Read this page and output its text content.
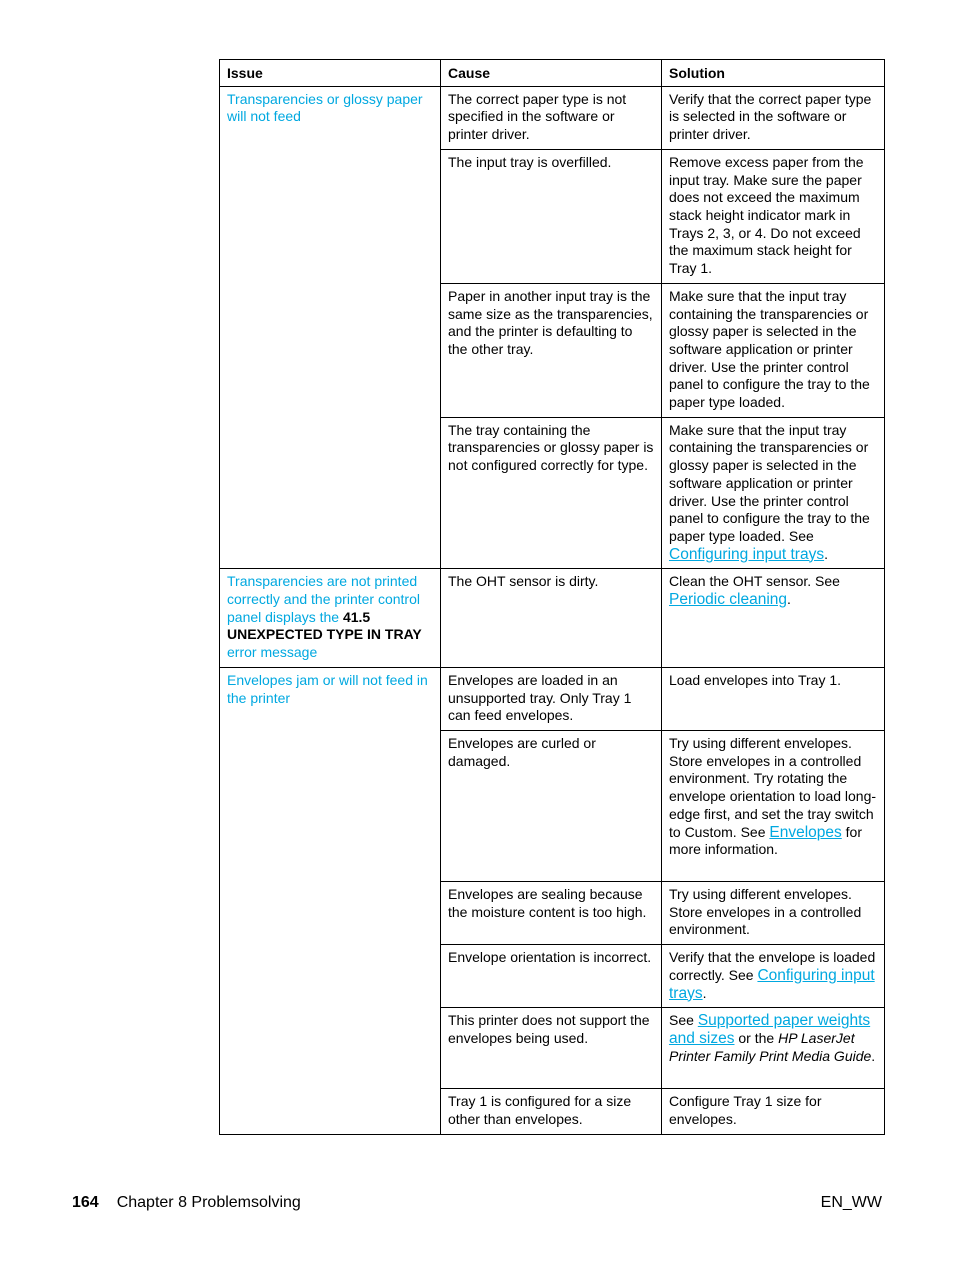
Issue	Cause	Solution
Transparencies or glossy paper will not feed	The correct paper type is not specified in the software or printer driver.	Verify that the correct paper type is selected in the software or printer driver.
	The input tray is overfilled.	Remove excess paper from the input tray. Make sure the paper does not exceed the maximum stack height indicator mark in Trays 2, 3, or 4. Do not exceed the maximum stack height for Tray 1.
	Paper in another input tray is the same size as the transparencies, and the printer is defaulting to the other tray.	Make sure that the input tray containing the transparencies or glossy paper is selected in the software application or printer driver. Use the printer control panel to configure the tray to the paper type loaded.
	The tray containing the transparencies or glossy paper is not configured correctly for type.	Make sure that the input tray containing the transparencies or glossy paper is selected in the software application or printer driver. Use the printer control panel to configure the tray to the paper type loaded. See Configuring input trays.
Transparencies are not printed correctly and the printer control panel displays the 41.5 UNEXPECTED TYPE IN TRAY error message	The OHT sensor is dirty.	Clean the OHT sensor. See Periodic cleaning.
Envelopes jam or will not feed in the printer	Envelopes are loaded in an unsupported tray. Only Tray 1 can feed envelopes.	Load envelopes into Tray 1.
	Envelopes are curled or damaged.	Try using different envelopes. Store envelopes in a controlled environment. Try rotating the envelope orientation to load long-edge first, and set the tray switch to Custom. See Envelopes for more information.
	Envelopes are sealing because the moisture content is too high.	Try using different envelopes. Store envelopes in a controlled environment.
	Envelope orientation is incorrect.	Verify that the envelope is loaded correctly. See Configuring input trays.
	This printer does not support the envelopes being used.	See Supported paper weights and sizes or the HP LaserJet Printer Family Print Media Guide.
	Tray 1 is configured for a size other than envelopes.	Configure Tray 1 size for envelopes.
164 Chapter 8 Problemsolving	EN_WW
